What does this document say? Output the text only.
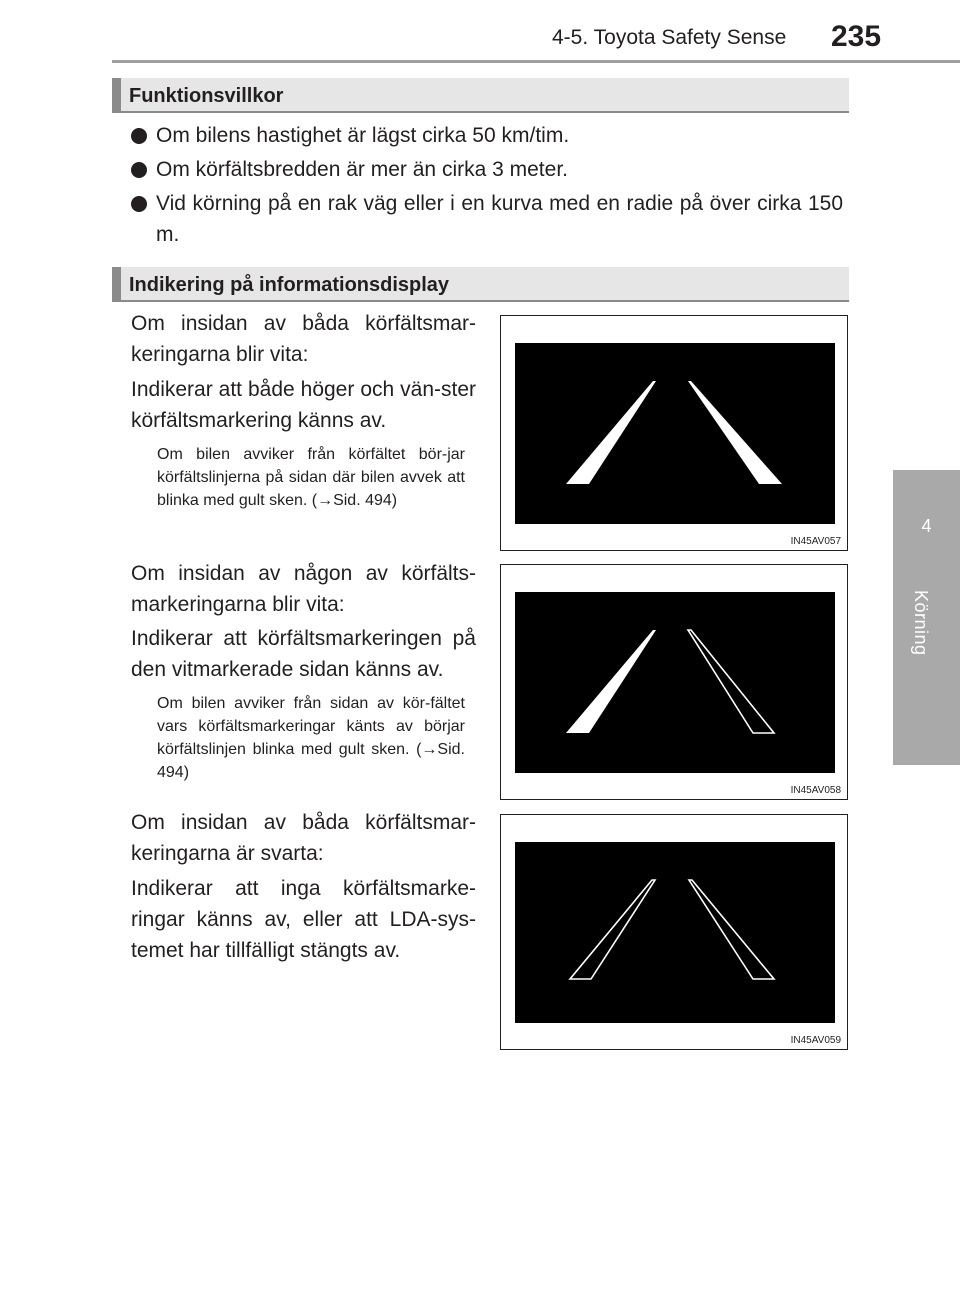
4-5. Toyota Safety Sense 235
4
Körning
Funktionsvillkor
Om bilens hastighet är lägst cirka 50 km/tim.
Om körfältsbredden är mer än cirka 3 meter.
Vid körning på en rak väg eller i en kurva med en radie på över cirka 150 m.
Indikering på informationsdisplay
Om insidan av båda körfältsmar-keringarna blir vita:
Indikerar att både höger och vän-ster körfältsmarkering känns av.
Om bilen avviker från körfältet bör-jar körfältslinjerna på sidan där bilen avvek att blinka med gult sken. (→Sid. 494)
IN45AV057
Om insidan av någon av körfälts-markeringarna blir vita:
Indikerar att körfältsmarkeringen på den vitmarkerade sidan känns av.
Om bilen avviker från sidan av kör-fältet vars körfältsmarkeringar känts av börjar körfältslinjen blinka med gult sken. (→Sid. 494)
IN45AV058
Om insidan av båda körfältsmar-keringarna är svarta:
Indikerar att inga körfältsmarke-ringar känns av, eller att LDA-sys-temet har tillfälligt stängts av.
IN45AV059
